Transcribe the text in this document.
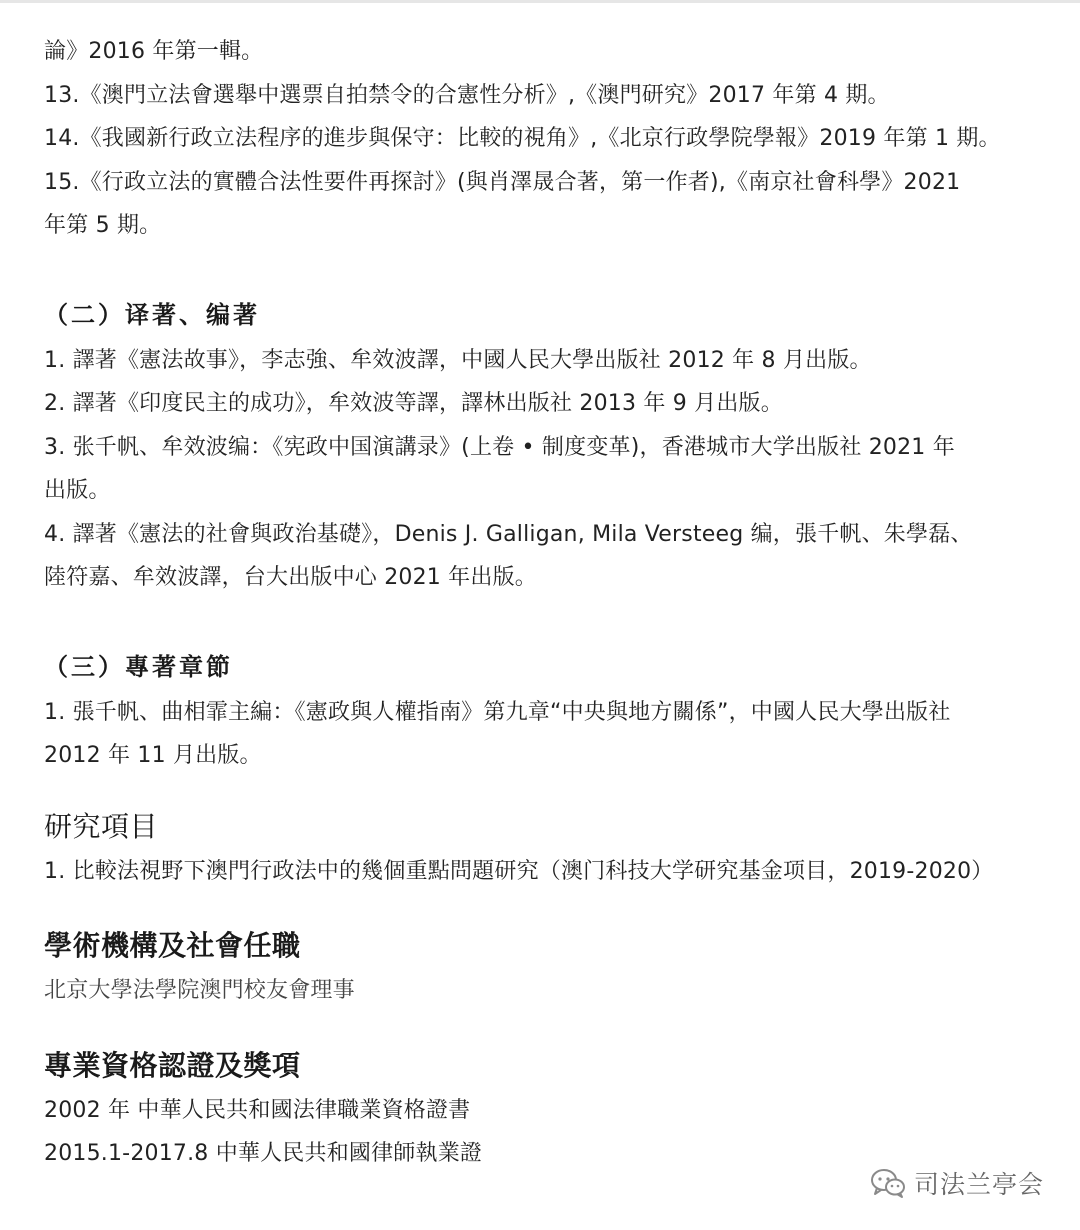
論》2016 年第一輯。
13.《澳門立法會選舉中選票自拍禁令的合憲性分析》,《澳門研究》2017 年第 4 期。
14.《我國新行政立法程序的進步與保守：比較的視角》,《北京行政學院學報》2019 年第 1 期。
15.《行政立法的實體合法性要件再探討》(與肖澤晟合著，第一作者),《南京社會科學》2021
年第 5 期。
（二）译著、编著
1. 譯著《憲法故事》，李志強、牟效波譯，中國人民大學出版社 2012 年 8 月出版。
2. 譯著《印度民主的成功》，牟效波等譯，譯林出版社 2013 年 9 月出版。
3. 张千帆、牟效波编：《宪政中国演講录》(上卷 • 制度变革)，香港城市大学出版社 2021 年
出版。
4. 譯著《憲法的社會與政治基礎》，Denis J. Galligan, Mila Versteeg 编，張千帆、朱學磊、
陸符嘉、牟效波譯，台大出版中心 2021 年出版。
（三）專著章節
1. 張千帆、曲相霏主編：《憲政與人權指南》第九章“中央與地方關係”，中國人民大學出版社
2012 年 11 月出版。
研究項目
1. 比較法視野下澳門行政法中的幾個重點問題研究（澳门科技大学研究基金项目，2019-2020）
學術機構及社會任職
北京大學法學院澳門校友會理事
專業資格認證及獎項
2002 年 中華人民共和國法律職業資格證書
2015.1-2017.8 中華人民共和國律師執業證
司法兰亭会
